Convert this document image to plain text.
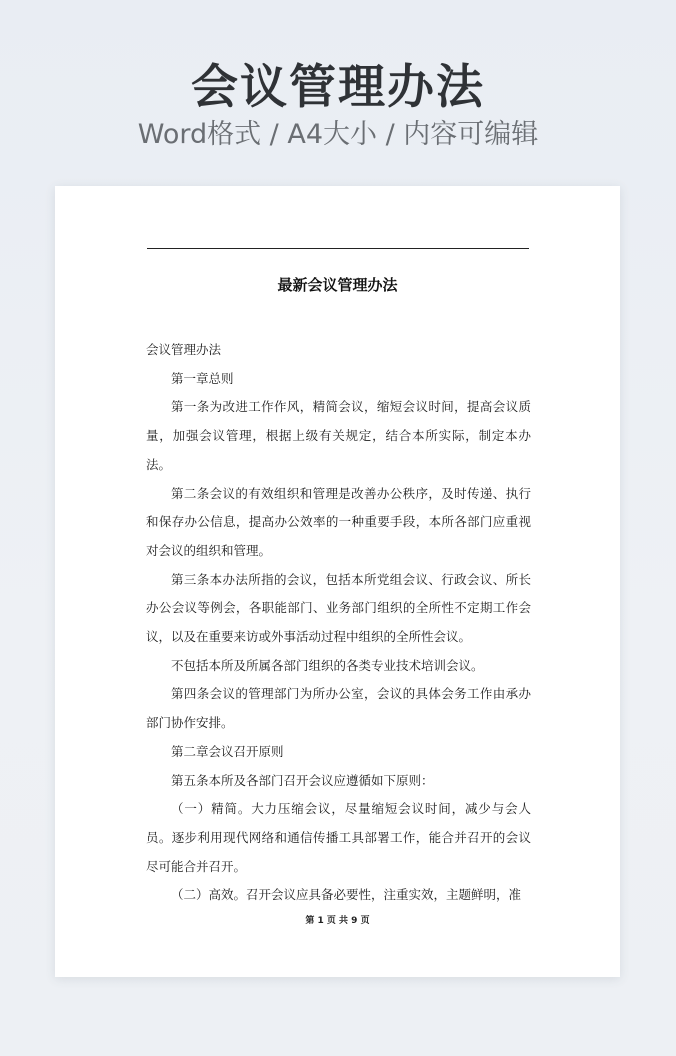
会议管理办法
Word格式 / A4大小 / 内容可编辑
最新会议管理办法

会议管理办法

第一章总则

第一条为改进工作作风，精简会议，缩短会议时间，提高会议质量，加强会议管理，根据上级有关规定，结合本所实际，制定本办法。

第二条会议的有效组织和管理是改善办公秩序，及时传递、执行和保存办公信息，提高办公效率的一种重要手段，本所各部门应重视对会议的组织和管理。

第三条本办法所指的会议，包括本所党组会议、行政会议、所长办公会议等例会，各职能部门、业务部门组织的全所性不定期工作会议，以及在重要来访或外事活动过程中组织的全所性会议。

不包括本所及所属各部门组织的各类专业技术培训会议。

第四条会议的管理部门为所办公室，会议的具体会务工作由承办部门协作安排。

第二章会议召开原则

第五条本所及各部门召开会议应遵循如下原则：

（一）精简。大力压缩会议，尽量缩短会议时间，减少与会人员。逐步利用现代网络和通信传播工具部署工作，能合并召开的会议尽可能合并召开。

（二）高效。召开会议应具备必要性，注重实效，主题鲜明，准

第 1 页 共 9 页
